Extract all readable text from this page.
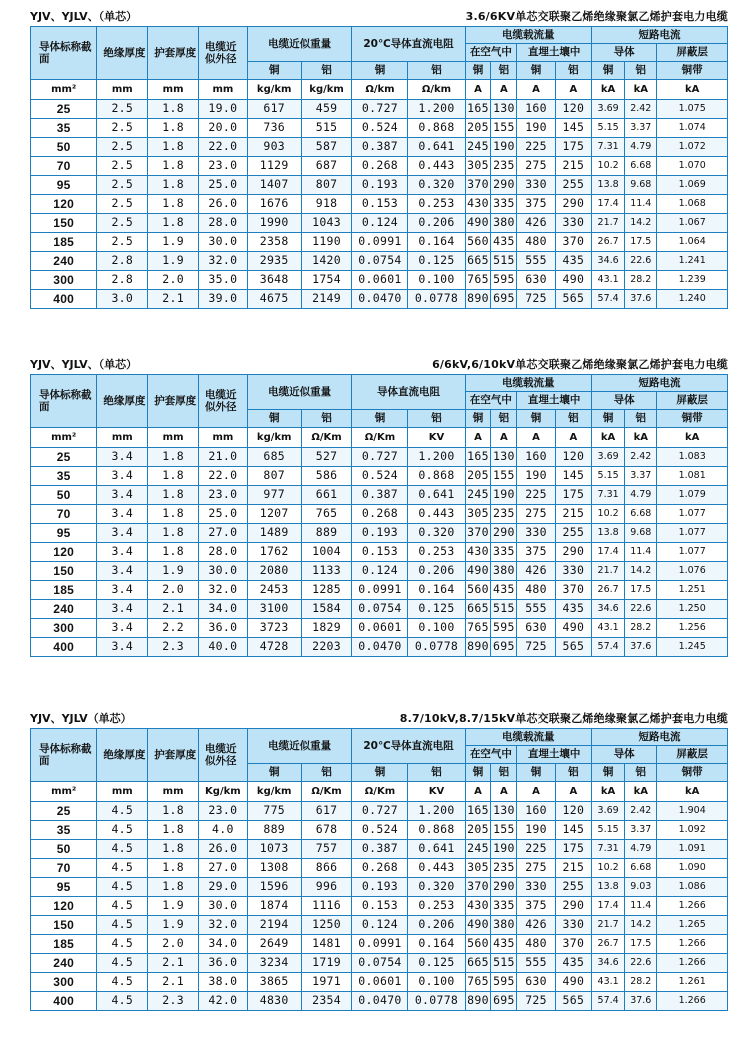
YJV、YJLV、（单芯）	3.6/6KV单芯交联聚乙烯绝缘聚氯乙烯护套电力电缆
导体标称截面	绝缘厚度	护套厚度	电缆近似外径	电缆近似重量		20℃导体直流电阻		电缆载流量				短路电流		
								在空气中		直埋土壤中		导体		屏蔽层
				铜	铝	铜	铝	铜	铝	铜	铝	铜	铝	铜带
mm²	mm	mm	mm	kg/km	kg/km	Ω/km	Ω/km	A	A	A	A	kA	kA	kA
25	2.5	1.8	19.0	617	459	0.727	1.200	165	130	160	120	3.69	2.42	1.075
35	2.5	1.8	20.0	736	515	0.524	0.868	205	155	190	145	5.15	3.37	1.074
50	2.5	1.8	22.0	903	587	0.387	0.641	245	190	225	175	7.31	4.79	1.072
70	2.5	1.8	23.0	1129	687	0.268	0.443	305	235	275	215	10.2	6.68	1.070
95	2.5	1.8	25.0	1407	807	0.193	0.320	370	290	330	255	13.8	9.68	1.069
120	2.5	1.8	26.0	1676	918	0.153	0.253	430	335	375	290	17.4	11.4	1.068
150	2.5	1.8	28.0	1990	1043	0.124	0.206	490	380	426	330	21.7	14.2	1.067
185	2.5	1.9	30.0	2358	1190	0.0991	0.164	560	435	480	370	26.7	17.5	1.064
240	2.8	1.9	32.0	2935	1420	0.0754	0.125	665	515	555	435	34.6	22.6	1.241
300	2.8	2.0	35.0	3648	1754	0.0601	0.100	765	595	630	490	43.1	28.2	1.239
400	3.0	2.1	39.0	4675	2149	0.0470	0.0778	890	695	725	565	57.4	37.6	1.240
YJV、YJLV、（单芯）	6/6kV,6/10kV单芯交联聚乙烯绝缘聚氯乙烯护套电力电缆
导体标称截面	绝缘厚度	护套厚度	电缆近似外径	电缆近似重量		导体直流电阻		电缆载流量				短路电流		
								在空气中		直埋土壤中		导体		屏蔽层
				铜	铝	铜	铝	铜	铝	铜	铝	铜	铝	铜带
mm²	mm	mm	mm	kg/km	Ω/Km	Ω/Km	KV	A	A	A	A	kA	kA	kA
25	3.4	1.8	21.0	685	527	0.727	1.200	165	130	160	120	3.69	2.42	1.083
35	3.4	1.8	22.0	807	586	0.524	0.868	205	155	190	145	5.15	3.37	1.081
50	3.4	1.8	23.0	977	661	0.387	0.641	245	190	225	175	7.31	4.79	1.079
70	3.4	1.8	25.0	1207	765	0.268	0.443	305	235	275	215	10.2	6.68	1.077
95	3.4	1.8	27.0	1489	889	0.193	0.320	370	290	330	255	13.8	9.68	1.077
120	3.4	1.8	28.0	1762	1004	0.153	0.253	430	335	375	290	17.4	11.4	1.077
150	3.4	1.9	30.0	2080	1133	0.124	0.206	490	380	426	330	21.7	14.2	1.076
185	3.4	2.0	32.0	2453	1285	0.0991	0.164	560	435	480	370	26.7	17.5	1.251
240	3.4	2.1	34.0	3100	1584	0.0754	0.125	665	515	555	435	34.6	22.6	1.250
300	3.4	2.2	36.0	3723	1829	0.0601	0.100	765	595	630	490	43.1	28.2	1.256
400	3.4	2.3	40.0	4728	2203	0.0470	0.0778	890	695	725	565	57.4	37.6	1.245
YJV、YJLV（单芯）	8.7/10kV,8.7/15kV单芯交联聚乙烯绝缘聚氯乙烯护套电力电缆
导体标称截面	绝缘厚度	护套厚度	电缆近似外径	电缆近似重量		20℃导体直流电阻		电缆载流量				短路电流		
								在空气中		直埋土壤中		导体		屏蔽层
				铜	铝	铜	铝	铜	铝	铜	铝	铜	铝	铜带
mm²	mm	mm	Kg/km	kg/km	Ω/Km	Ω/Km	KV	A	A	A	A	kA	kA	kA
25	4.5	1.8	23.0	775	617	0.727	1.200	165	130	160	120	3.69	2.42	1.904
35	4.5	1.8	4.0	889	678	0.524	0.868	205	155	190	145	5.15	3.37	1.092
50	4.5	1.8	26.0	1073	757	0.387	0.641	245	190	225	175	7.31	4.79	1.091
70	4.5	1.8	27.0	1308	866	0.268	0.443	305	235	275	215	10.2	6.68	1.090
95	4.5	1.8	29.0	1596	996	0.193	0.320	370	290	330	255	13.8	9.03	1.086
120	4.5	1.9	30.0	1874	1116	0.153	0.253	430	335	375	290	17.4	11.4	1.266
150	4.5	1.9	32.0	2194	1250	0.124	0.206	490	380	426	330	21.7	14.2	1.265
185	4.5	2.0	34.0	2649	1481	0.0991	0.164	560	435	480	370	26.7	17.5	1.266
240	4.5	2.1	36.0	3234	1719	0.0754	0.125	665	515	555	435	34.6	22.6	1.266
300	4.5	2.1	38.0	3865	1971	0.0601	0.100	765	595	630	490	43.1	28.2	1.261
400	4.5	2.3	42.0	4830	2354	0.0470	0.0778	890	695	725	565	57.4	37.6	1.266
